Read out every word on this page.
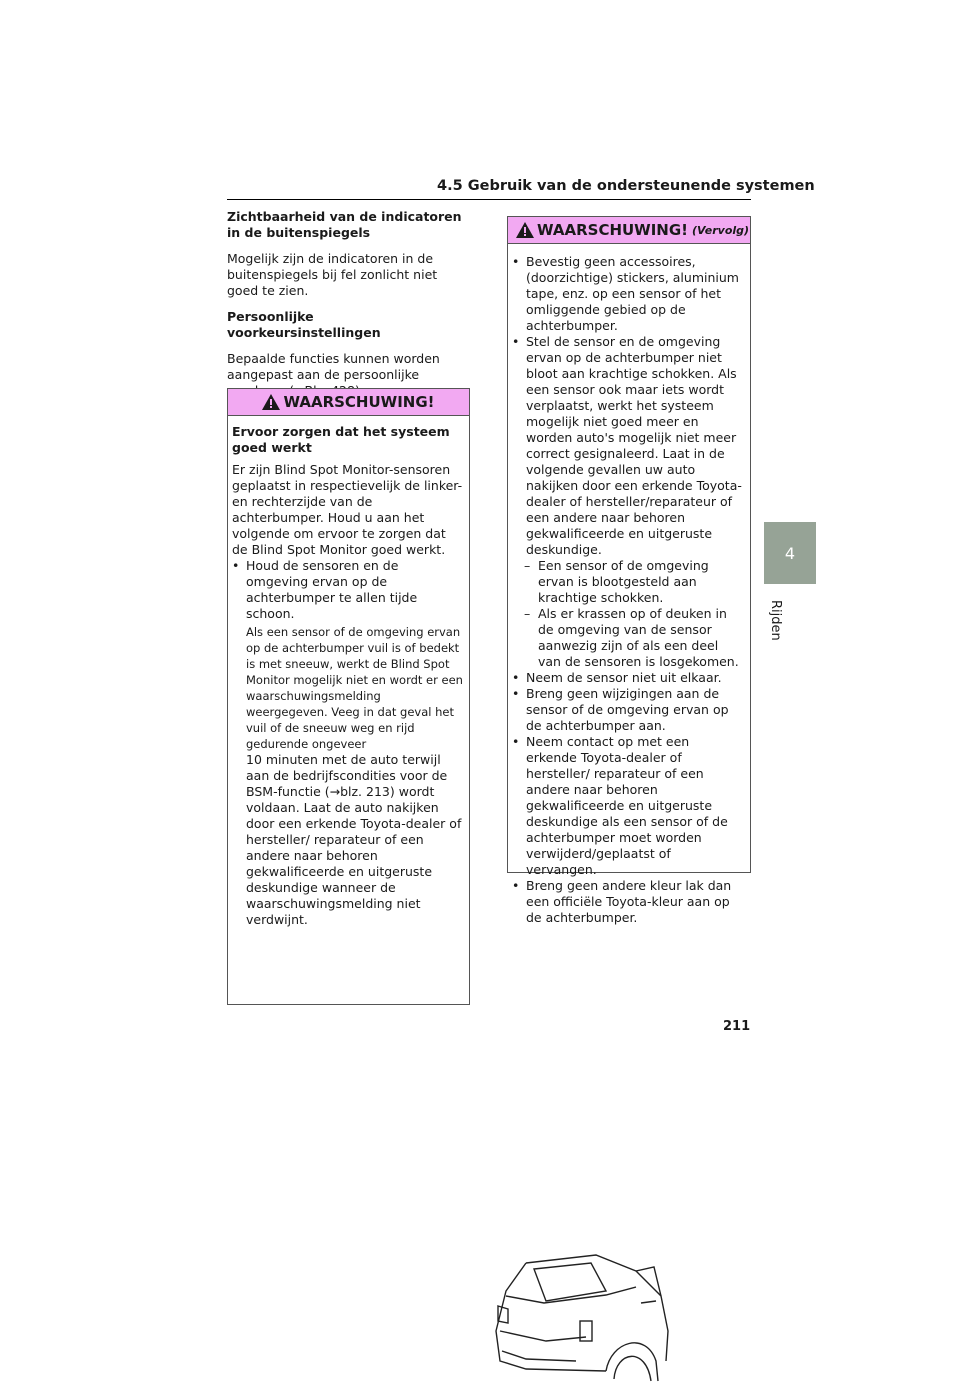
4.5 Gebruik van de ondersteunende systemen

Zichtbaarheid van de indicatoren in de buitenspiegels

Mogelijk zijn de indicatoren in de buitenspiegels bij fel zonlicht niet goed te zien.

Persoonlijke voorkeursinstellingen

Bepaalde functies kunnen worden aangepast aan de persoonlijke

WAARSCHUWING!

Ervoor zorgen dat het systeem goed werkt

Er zijn Blind Spot Monitor-sensoren geplaatst in respectievelijk de linker- en rechterzijde van de achterbumper. Houd u aan het volgende om ervoor te zorgen dat de Blind Spot Monitor goed werkt.

• Houd de sensoren en de omgeving ervan op de achterbumper te allen tijde schoon.
Als een sensor of de omgeving ervan op de achterbumper vuil is of bedekt is met sneeuw, werkt de Blind Spot Monitor mogelijk niet en wordt er een waarschuwingsmelding weergegeven. Veeg in dat geval het vuil of de sneeuw weg en rijd gedurende ongeveer
10 minuten met de auto terwijl aan de bedrijfscondities voor de BSM-functie (→blz. 213) wordt voldaan. Laat de auto nakijken door een erkende Toyota-dealer of hersteller/ reparateur of een andere naar behoren gekwalificeerde en uitgeruste deskundige wanneer de waarschuwingsmelding niet verdwijnt.
WAARSCHUWING! (Vervolg)
• Bevestig geen accessoires, (doorzichtige) stickers, aluminium tape, enz. op een sensor of het omliggende gebied op de achterbumper.
• Stel de sensor en de omgeving ervan op de achterbumper niet bloot aan krachtige schokken. Als een sensor ook maar iets wordt verplaatst, werkt het systeem mogelijk niet goed meer en worden auto's mogelijk niet meer correct gesignaleerd. Laat in de volgende gevallen uw auto nakijken door een erkende Toyota-dealer of hersteller/reparateur of een andere naar behoren gekwalificeerde en uitgeruste deskundige.
– Een sensor of de omgeving ervan is blootgesteld aan krachtige schokken.
– Als er krassen op of deuken in de omgeving van de sensor aanwezig zijn of als een deel van de sensoren is losgekomen.
• Neem de sensor niet uit elkaar.
• Breng geen wijzigingen aan de sensor of de omgeving ervan op de achterbumper aan.
• Neem contact op met een erkende Toyota-dealer of hersteller/ reparateur of een andere naar behoren gekwalificeerde en uitgeruste deskundige als een sensor of de achterbumper moet worden verwijderd/geplaatst of vervangen.
• Breng geen andere kleur lak dan een officiële Toyota-kleur aan op de achterbumper.
4
Rijden
211
